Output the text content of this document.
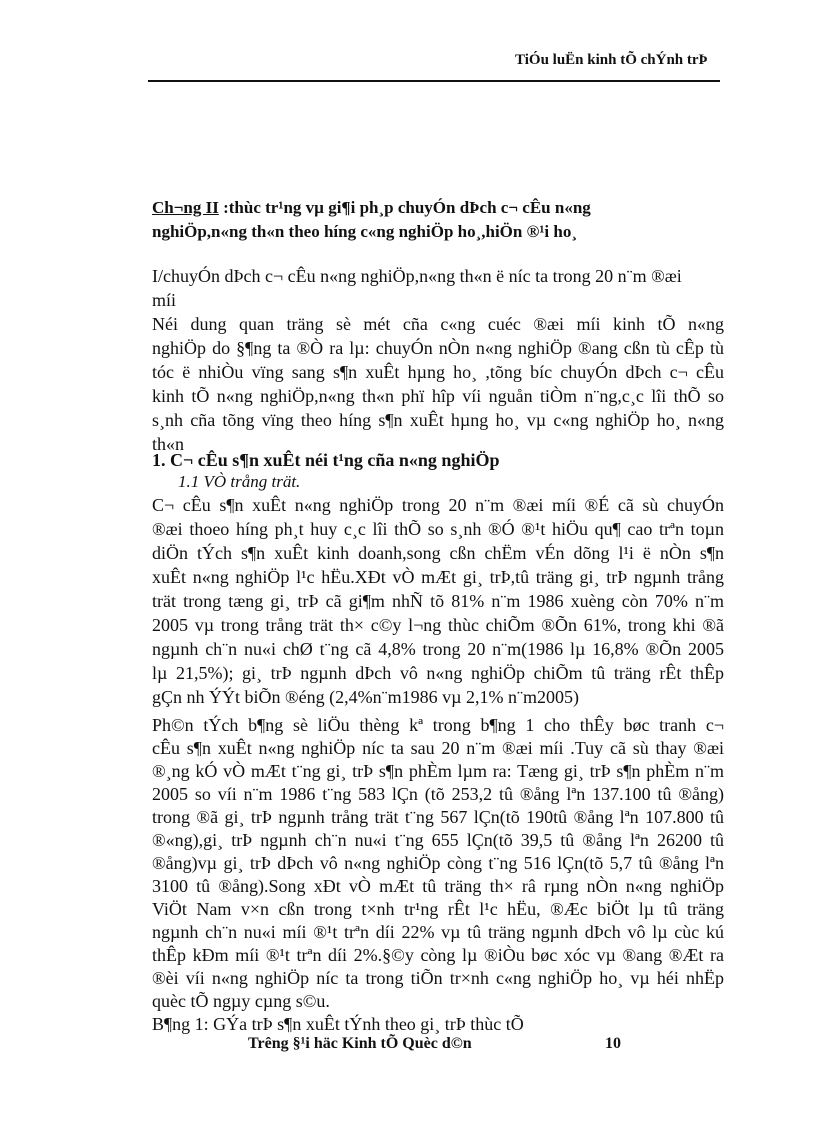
TiÓu luËn kinh tÕ chÝnh trÞ
Ch¬ng II :thùc tr¹ng vµ gi¶i ph¸p chuyÓn dÞch c¬ cÊu n«ng
nghiÖp,n«ng th«n theo híng c«ng nghiÖp ho¸,hiÖn ®¹i ho¸
I/chuyÓn dÞch c¬ cÊu n«ng nghiÖp,n«ng th«n ë níc ta trong 20 n¨m ®æi
míi
Néi dung quan träng sè mét cña c«ng cuéc ®æi míi kinh tÕ n«ng
nghiÖp do §¶ng ta ®Ò ra lµ: chuyÓn nÒn n«ng nghiÖp ®ang cßn tù cÊp tù
tóc ë nhiÒu vïng sang s¶n xuÊt hµng ho¸ ,tõng bíc chuyÓn dÞch c¬ cÊu
kinh tÕ n«ng nghiÖp,n«ng th«n phï hîp víi nguån tiÒm n¨ng,c¸c lîi thÕ so
s¸nh cña tõng vïng theo híng s¶n xuÊt hµng ho¸ vµ c«ng nghiÖp ho¸ n«ng
th«n
1. C¬ cÊu s¶n xuÊt néi t¹ng cña n«ng nghiÖp
1.1 VÒ trång trät.
C¬ cÊu s¶n xuÊt n«ng nghiÖp trong 20 n¨m ®æi míi ®É cã sù chuyÓn
®æi thoeo híng ph¸t huy c¸c lîi thÕ so s¸nh ®Ó ®¹t hiÖu qu¶ cao trªn toµn
diÖn tÝch s¶n xuÊt kinh doanh,song cßn chËm vÉn dõng l¹i ë nÒn s¶n
xuÊt n«ng nghiÖp l¹c hËu.XÐt vÒ mÆt gi¸ trÞ,tû träng gi¸ trÞ ngµnh trång
trät trong tæng gi¸ trÞ cã gi¶m nhÑ tõ 81% n¨m 1986 xuèng còn 70% n¨m
2005 vµ trong trång trät th× c©y l¬ng thùc chiÕm ®Õn 61%, trong khi ®ã
ngµnh ch¨n nu«i chØ t¨ng cã 4,8% trong 20 n¨m(1986 lµ 16,8% ®Õn 2005
lµ 21,5%); gi¸ trÞ ngµnh dÞch vô n«ng nghiÖp chiÕm tû träng rÊt thÊp
gÇn nh ÝÝt biÕn ®éng (2,4%n¨m1986 vµ 2,1% n¨m2005)
Ph©n tÝch b¶ng sè liÖu thèng kª trong b¶ng 1 cho thÊy bøc tranh c¬
cÊu s¶n xuÊt n«ng nghiÖp níc ta sau 20 n¨m ®æi míi .Tuy cã sù thay ®æi
®¸ng kÓ vÒ mÆt t¨ng gi¸ trÞ s¶n phÈm lµm ra: Tæng gi¸ trÞ s¶n phÈm n¨m
2005 so víi n¨m 1986 t¨ng 583 lÇn (tõ 253,2 tû ®ång lªn 137.100 tû ®ång)
trong ®ã gi¸ trÞ ngµnh trång trät t¨ng 567 lÇn(tõ 190tû ®ång lªn 107.800 tû
®«ng),gi¸ trÞ ngµnh ch¨n nu«i t¨ng 655 lÇn(tõ 39,5 tû ®ång lªn 26200 tû
®ång)vµ gi¸ trÞ dÞch vô n«ng nghiÖp còng t¨ng 516 lÇn(tõ 5,7 tû ®ång lªn
3100 tû ®ång).Song xÐt vÒ mÆt tû träng th× râ rµng nÒn n«ng nghiÖp
ViÖt Nam v×n cßn trong t×nh tr¹ng rÊt l¹c hËu, ®Æc biÖt lµ tû träng
ngµnh ch¨n nu«i míi ®¹t trªn díi 22% vµ tû träng ngµnh dÞch vô lµ cùc kú
thÊp kÐm míi ®¹t trªn díi 2%.§©y còng lµ ®iÒu bøc xóc vµ ®ang ®Æt ra
®èi víi n«ng nghiÖp níc ta trong tiÕn tr×nh c«ng nghiÖp ho¸ vµ héi nhËp
quèc tÕ ngµy cµng s©u.
B¶ng 1: GÝa trÞ s¶n xuÊt tÝnh theo gi¸ trÞ thùc tÕ
Trêng §¹i häc Kinh tÕ Quèc d©n	10
